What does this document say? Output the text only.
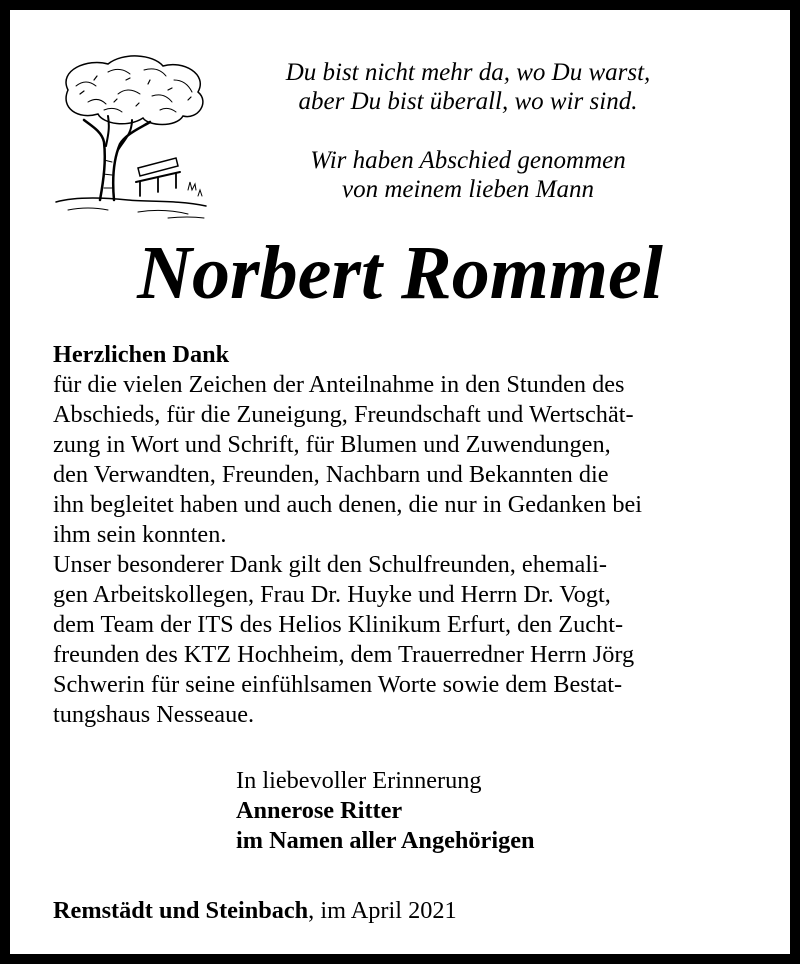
Du bist nicht mehr da, wo Du warst,

aber Du bist überall, wo wir sind.

Wir haben Abschied genommen

von meinem lieben Mann

Norbert Rommel
Herzlichen Dank

für die vielen Zeichen der Anteilnahme in den Stunden des

Abschieds, für die Zuneigung, Freundschaft und Wertschät-

zung in Wort und Schrift, für Blumen und Zuwendungen,

den Verwandten, Freunden, Nachbarn und Bekannten die

ihn begleitet haben und auch denen, die nur in Gedanken bei

ihm sein konnten.

Unser besonderer Dank gilt den Schulfreunden, ehemali-

gen Arbeitskollegen, Frau Dr. Huyke und Herrn Dr. Vogt,

dem Team der ITS des Helios Klinikum Erfurt, den Zucht-

freunden des KTZ Hochheim, dem Trauerredner Herrn Jörg

Schwerin für seine einfühlsamen Worte sowie dem Bestat-

tungshaus Nesseaue.

In liebevoller Erinnerung
Annerose Ritter
im Namen aller Angehörigen
Remstädt und Steinbach, im April 2021
